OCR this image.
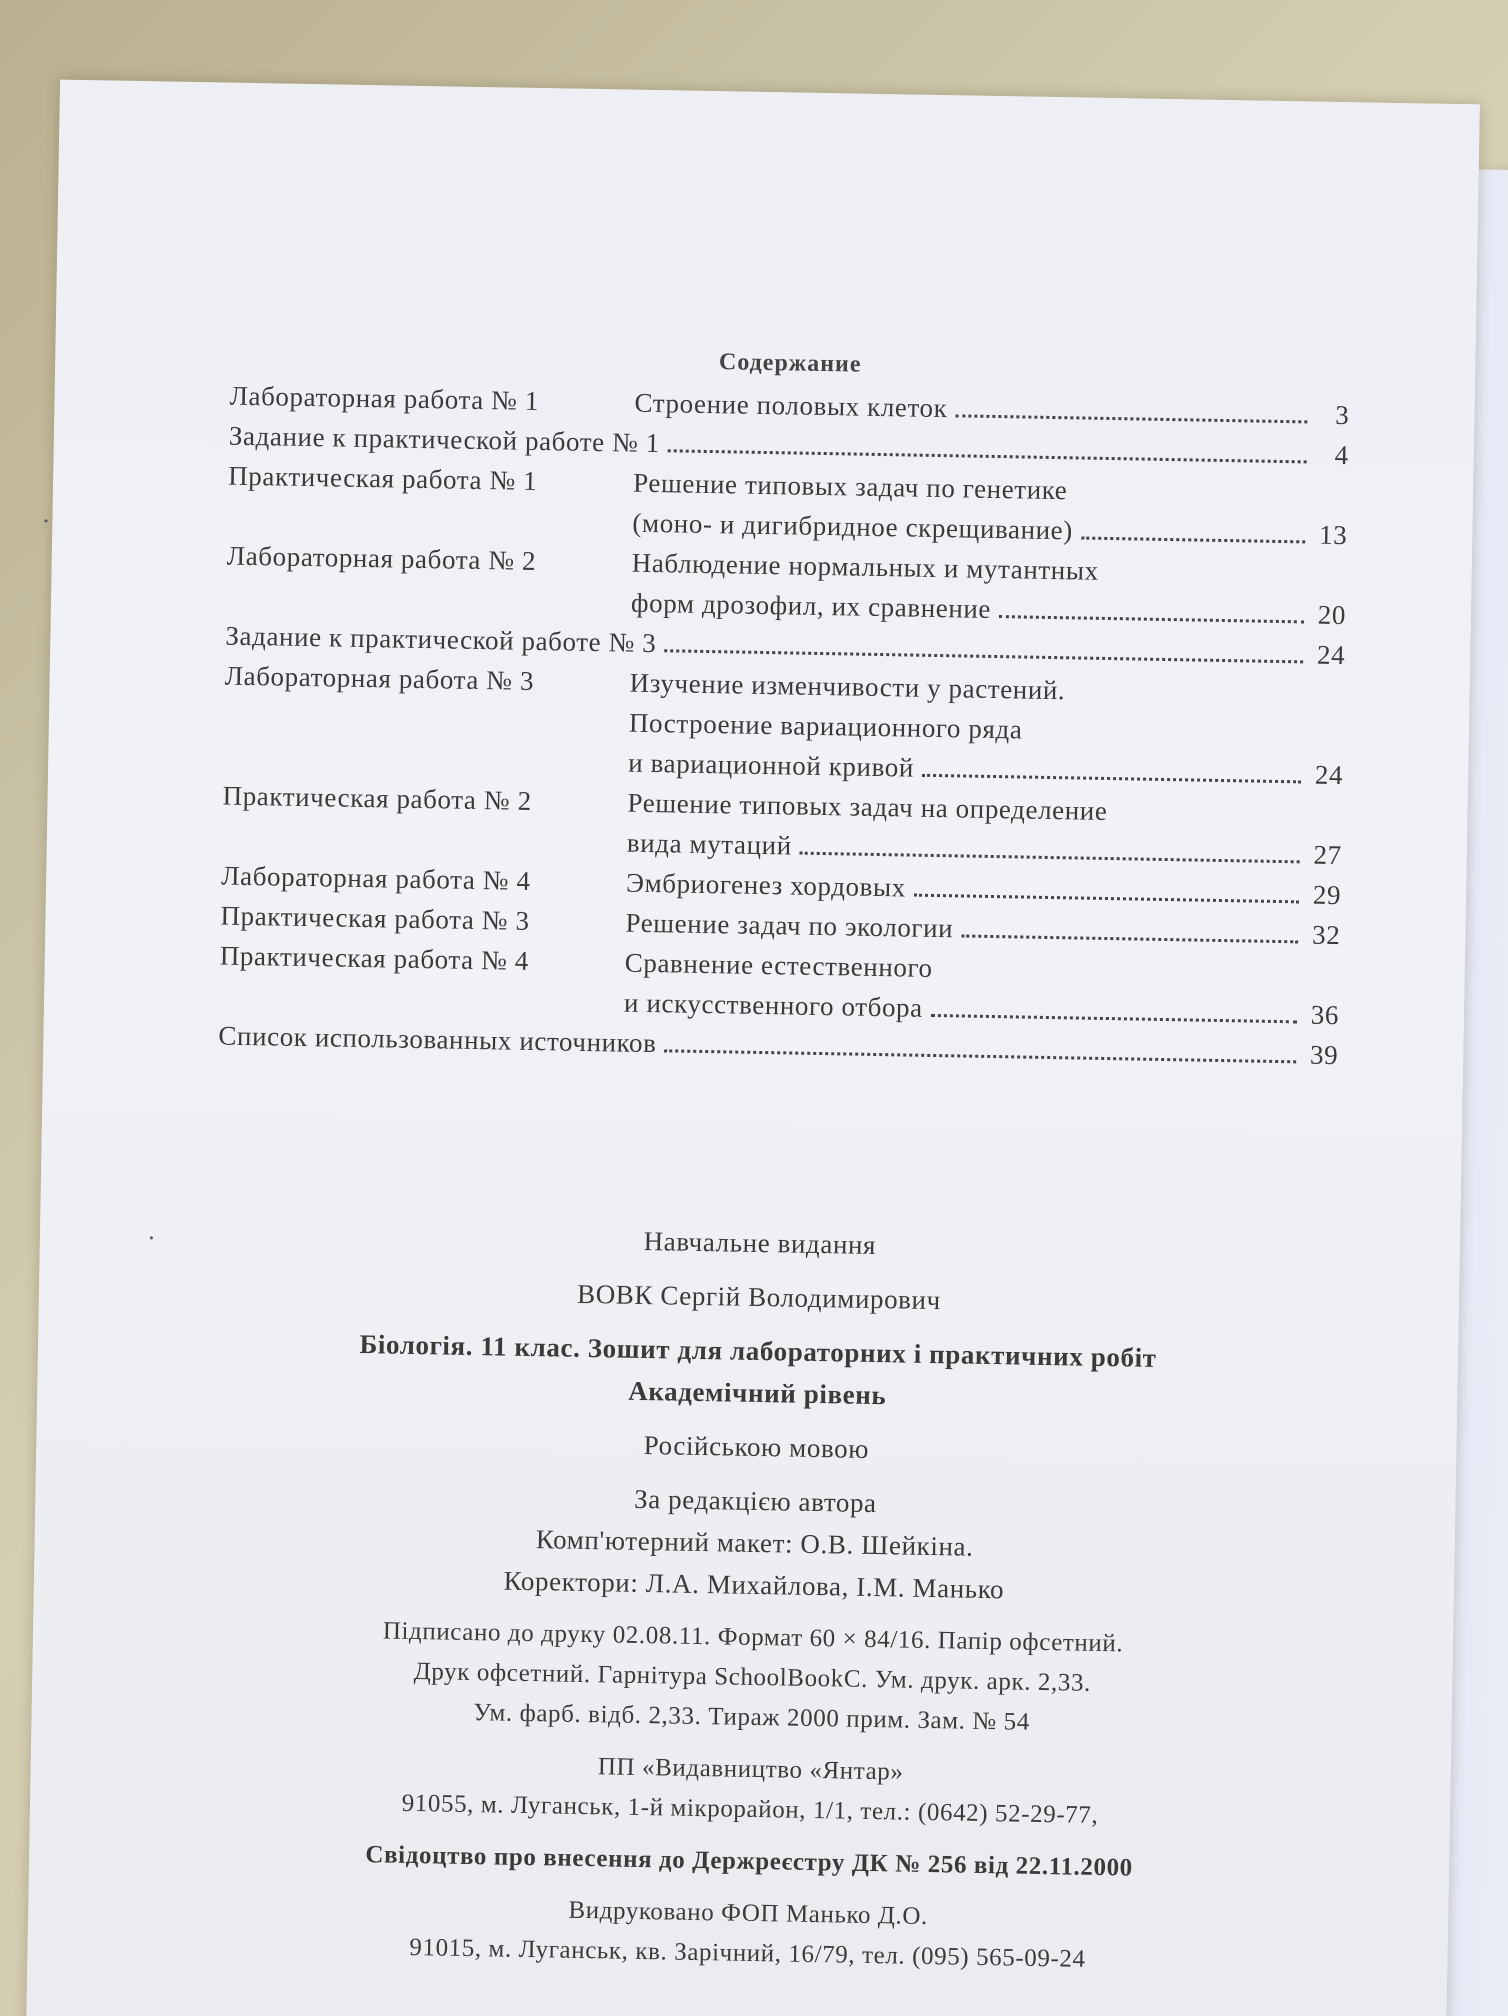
Содержание
Лабораторная работа № 1	Строение половых клеток	3
Задание к практической работе № 1	4
Практическая работа № 1	Решение типовых задач по генетике
(моно- и дигибридное скрещивание)	13
Лабораторная работа № 2	Наблюдение нормальных и мутантных
форм дрозофил, их сравнение	20
Задание к практической работе № 3	24
Лабораторная работа № 3	Изучение изменчивости у растений.
Построение вариационного ряда
и вариационной кривой	24
Практическая работа № 2	Решение типовых задач на определение
вида мутаций	27
Лабораторная работа № 4	Эмбриогенез хордовых	29
Практическая работа № 3	Решение задач по экологии	32
Практическая работа № 4	Сравнение естественного
и искусственного отбора	36
Список использованных источников	39
Навчальне видання
ВОВК Сергій Володимирович
Біологія. 11 клас. Зошит для лабораторних і практичних робіт
Академічний рівень
Російською мовою
За редакцією автора
Комп'ютерний макет: О.В. Шейкіна.
Коректори: Л.А. Михайлова, І.М. Манько
Підписано до друку 02.08.11. Формат 60 × 84/16. Папір офсетний.
Друк офсетний. Гарнітура SchoolBookC. Ум. друк. арк. 2,33.
Ум. фарб. відб. 2,33. Тираж 2000 прим. Зам. № 54
ПП «Видавництво «Янтар»
91055, м. Луганськ, 1-й мікрорайон, 1/1, тел.: (0642) 52-29-77,
Свідоцтво про внесення до Держреєстру ДК № 256 від 22.11.2000
Видруковано ФОП Манько Д.О.
91015, м. Луганськ, кв. Зарічний, 16/79, тел. (095) 565-09-24
